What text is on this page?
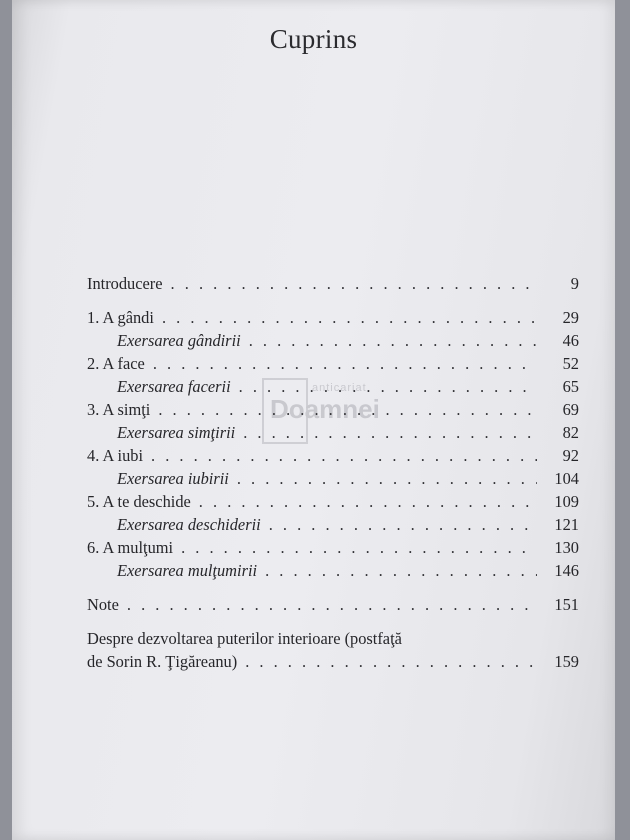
Cuprins
anticariat
Doamnei
Introducere . . .	9
1. A gândi . . .	29
Exersarea gândirii . . .	46
2. A face . . .	52
Exersarea facerii . . .	65
3. A simţi . . .	69
Exersarea simţirii . . .	82
4. A iubi . . .	92
Exersarea iubirii . . .	104
5. A te deschide . . .	109
Exersarea deschiderii . . .	121
6. A mulţumi . . .	130
Exersarea mulţumirii . . .	146
Note . . .	151
Despre dezvoltarea puterilor interioare (postfaţă
de Sorin R. Ţigăreanu) . . .	159
